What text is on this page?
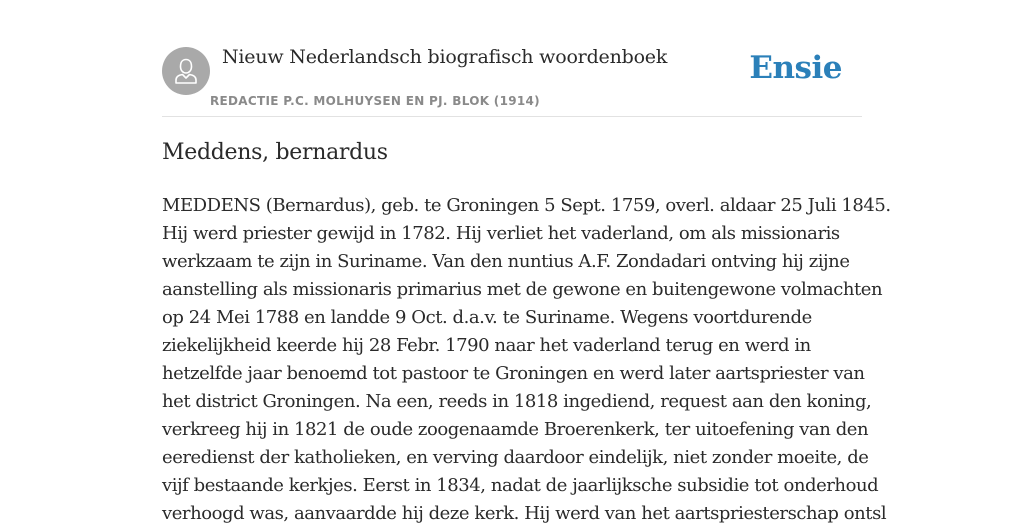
Nieuw Nederlandsch biografisch woordenboek
REDACTIE P.C. MOLHUYSEN EN PJ. BLOK (1914)
Ensie
Meddens, bernardus
MEDDENS (Bernardus), geb. te Groningen 5 Sept. 1759, overl. aldaar 25 Juli 1845.
Hij werd priester gewijd in 1782. Hij verliet het vaderland, om als missionaris
werkzaam te zijn in Suriname. Van den nuntius A.F. Zondadari ontving hij zijne
aanstelling als missionaris primarius met de gewone en buitengewone volmachten
op 24 Mei 1788 en landde 9 Oct. d.a.v. te Suriname. Wegens voortdurende
ziekelijkheid keerde hij 28 Febr. 1790 naar het vaderland terug en werd in
hetzelfde jaar benoemd tot pastoor te Groningen en werd later aartspriester van
het district Groningen. Na een, reeds in 1818 ingediend, request aan den koning,
verkreeg hij in 1821 de oude zoogenaamde Broerenkerk, ter uitoefening van den
eeredienst der katholieken, en verving daardoor eindelijk, niet zonder moeite, de
vijf bestaande kerkjes. Eerst in 1834, nadat de jaarlijksche subsidie tot onderhoud
verhoogd was, aanvaardde hij deze kerk. Hij werd van het aartspriesterschap ontsl
